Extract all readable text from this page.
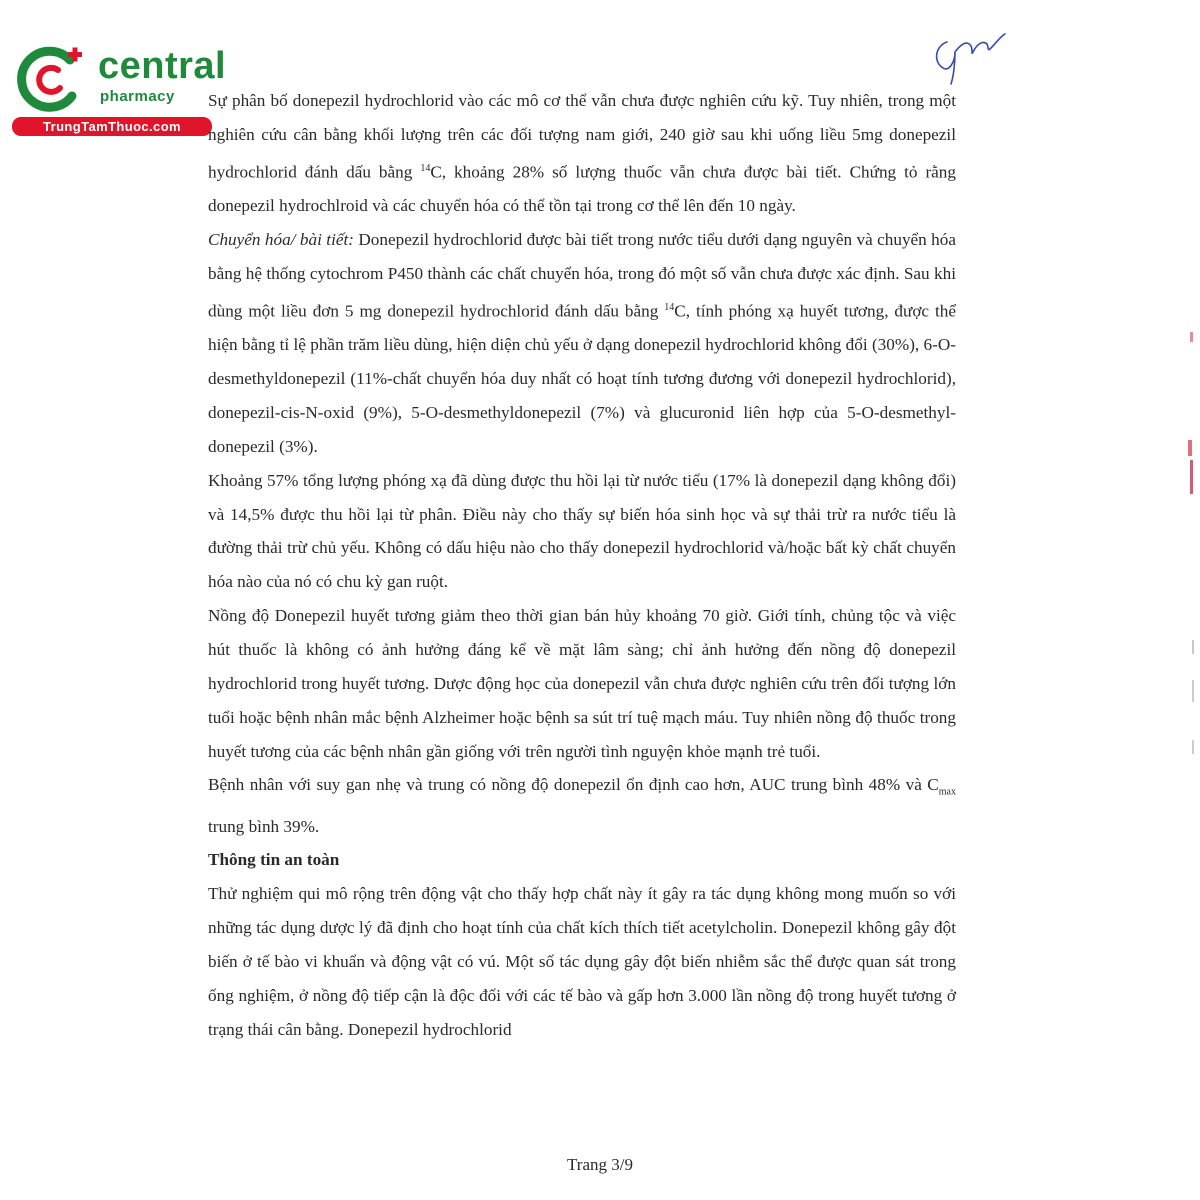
central
pharmacy
TrungTamThuoc.com

Sự phân bố donepezil hydrochlorid vào các mô cơ thể vẫn chưa được nghiên cứu kỹ. Tuy nhiên, trong một nghiên cứu cân bằng khối lượng trên các đối tượng nam giới, 240 giờ sau khi uống liều 5mg donepezil hydrochlorid đánh dấu bằng $^{14}$C, khoảng 28% số lượng thuốc vẫn chưa được bài tiết. Chứng tỏ rằng donepezil hydrochlroid và các chuyển hóa có thể tồn tại trong cơ thể lên đến 10 ngày.

Chuyển hóa/ bài tiết: Donepezil hydrochlorid được bài tiết trong nước tiểu dưới dạng nguyên và chuyển hóa bằng hệ thống cytochrom P450 thành các chất chuyển hóa, trong đó một số vẫn chưa được xác định. Sau khi dùng một liều đơn 5 mg donepezil hydrochlorid đánh dấu bằng $^{14}$C, tính phóng xạ huyết tương, được thể hiện bằng tỉ lệ phần trăm liều dùng, hiện diện chủ yếu ở dạng donepezil hydrochlorid không đổi (30%), 6-O-desmethyldonepezil (11%-chất chuyển hóa duy nhất có hoạt tính tương đương với donepezil hydrochlorid), donepezil-cis-N-oxid (9%), 5-O-desmethyldonepezil (7%) và glucuronid liên hợp của 5-O-desmethyl-donepezil (3%).

Khoảng 57% tổng lượng phóng xạ đã dùng được thu hồi lại từ nước tiểu (17% là donepezil dạng không đổi) và 14,5% được thu hồi lại từ phân. Điều này cho thấy sự biến hóa sinh học và sự thải trừ ra nước tiểu là đường thải trừ chủ yếu. Không có dấu hiệu nào cho thấy donepezil hydrochlorid và/hoặc bất kỳ chất chuyển hóa nào của nó có chu kỳ gan ruột.

Nồng độ Donepezil huyết tương giảm theo thời gian bán hủy khoảng 70 giờ. Giới tính, chủng tộc và việc hút thuốc là không có ảnh hưởng đáng kể về mặt lâm sàng; chỉ ảnh hưởng đến nồng độ donepezil hydrochlorid trong huyết tương. Dược động học của donepezil vẫn chưa được nghiên cứu trên đối tượng lớn tuổi hoặc bệnh nhân mắc bệnh Alzheimer hoặc bệnh sa sút trí tuệ mạch máu. Tuy nhiên nồng độ thuốc trong huyết tương của các bệnh nhân gần giống với trên người tình nguyện khỏe mạnh trẻ tuổi.

Bệnh nhân với suy gan nhẹ và trung có nồng độ donepezil ổn định cao hơn, AUC trung bình 48% và $C_{max}$ trung bình 39%.

Thông tin an toàn

Thử nghiệm qui mô rộng trên động vật cho thấy hợp chất này ít gây ra tác dụng không mong muốn so với những tác dụng dược lý đã định cho hoạt tính của chất kích thích tiết acetylcholin. Donepezil không gây đột biến ở tế bào vi khuẩn và động vật có vú. Một số tác dụng gây đột biến nhiễm sắc thể được quan sát trong ống nghiệm, ở nồng độ tiếp cận là độc đối với các tế bào và gấp hơn 3.000 lần nồng độ trong huyết tương ở trạng thái cân bằng. Donepezil hydrochlorid

Trang 3/9
